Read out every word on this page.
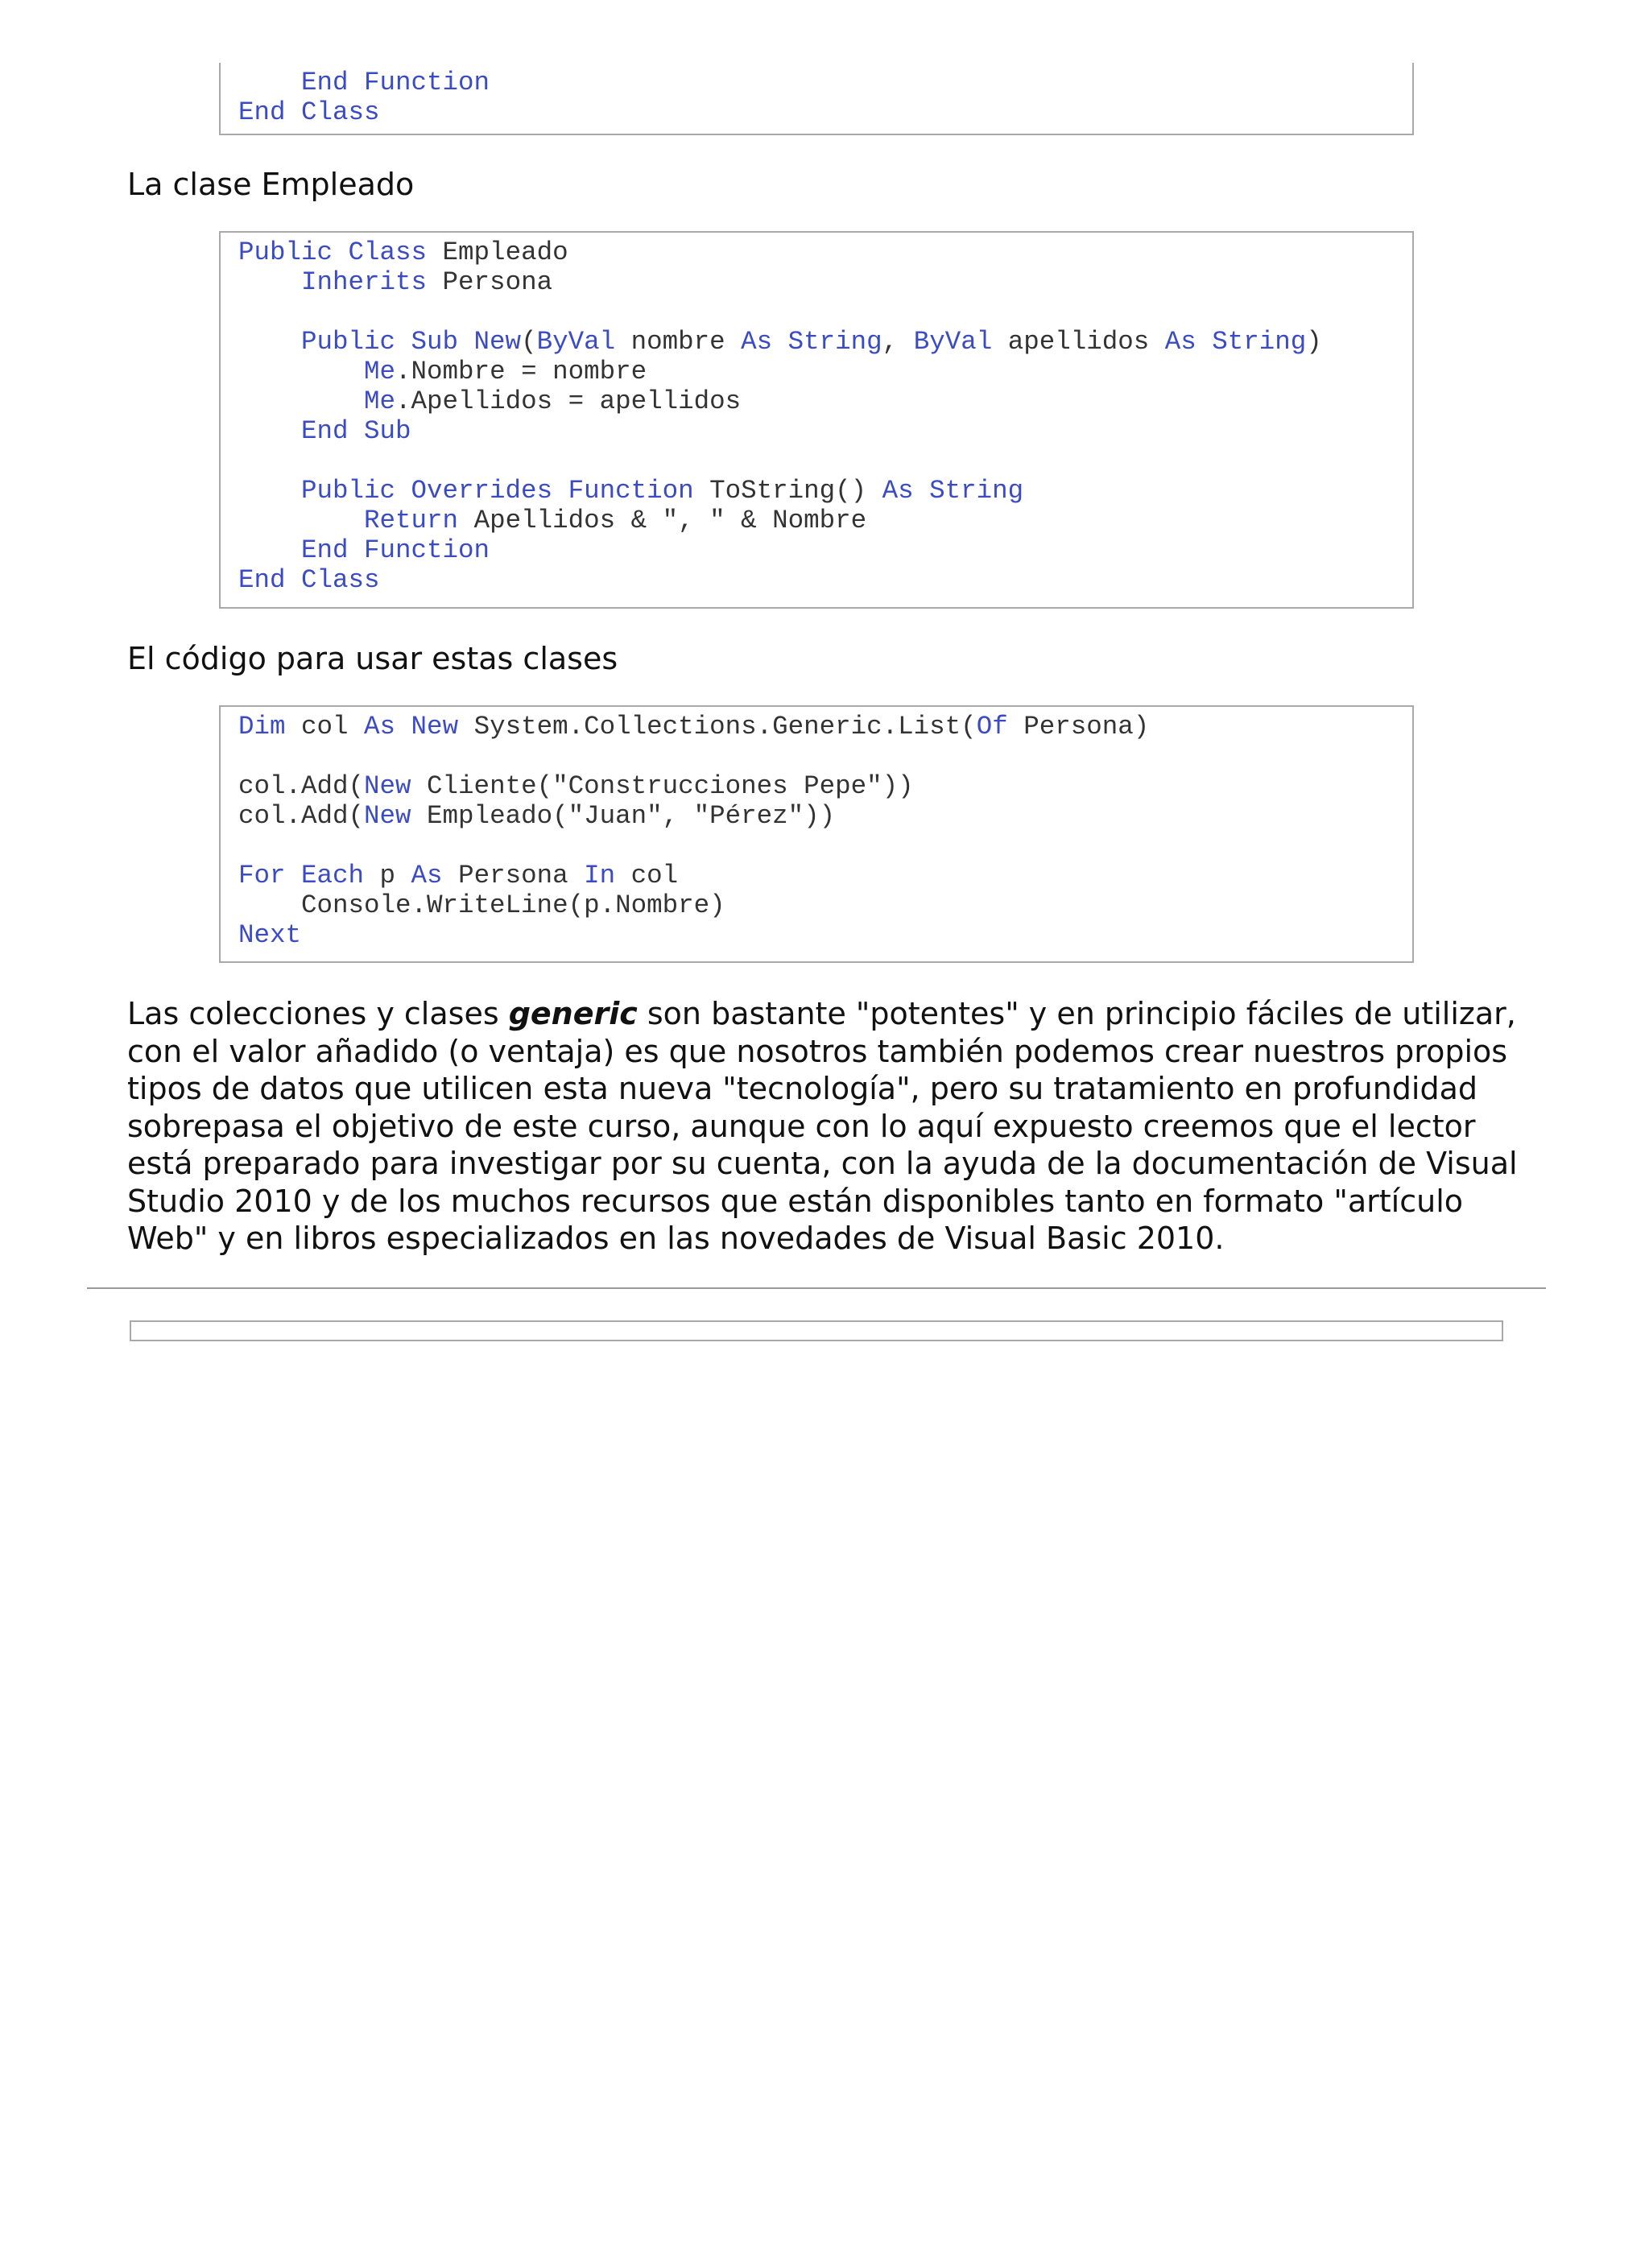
End Function
End Class
La clase Empleado
Public Class Empleado
Inherits Persona

Public Sub New(ByVal nombre As String, ByVal apellidos As String)
Me.Nombre = nombre
Me.Apellidos = apellidos
End Sub

Public Overrides Function ToString() As String
Return Apellidos & ", " & Nombre
End Function
End Class
El código para usar estas clases
Dim col As New System.Collections.Generic.List(Of Persona)

col.Add(New Cliente("Construcciones Pepe"))
col.Add(New Empleado("Juan", "Pérez"))

For Each p As Persona In col
Console.WriteLine(p.Nombre)
Next

Las colecciones y clases generic son bastante "potentes" y en principio fáciles de utilizar, con el valor añadido (o ventaja) es que nosotros también podemos crear nuestros propios tipos de datos que utilicen esta nueva "tecnología", pero su tratamiento en profundidad sobrepasa el objetivo de este curso, aunque con lo aquí expuesto creemos que el lector está preparado para investigar por su cuenta, con la ayuda de la documentación de Visual Studio 2010 y de los muchos recursos que están disponibles tanto en formato "artículo Web" y en libros especializados en las novedades de Visual Basic 2010.
